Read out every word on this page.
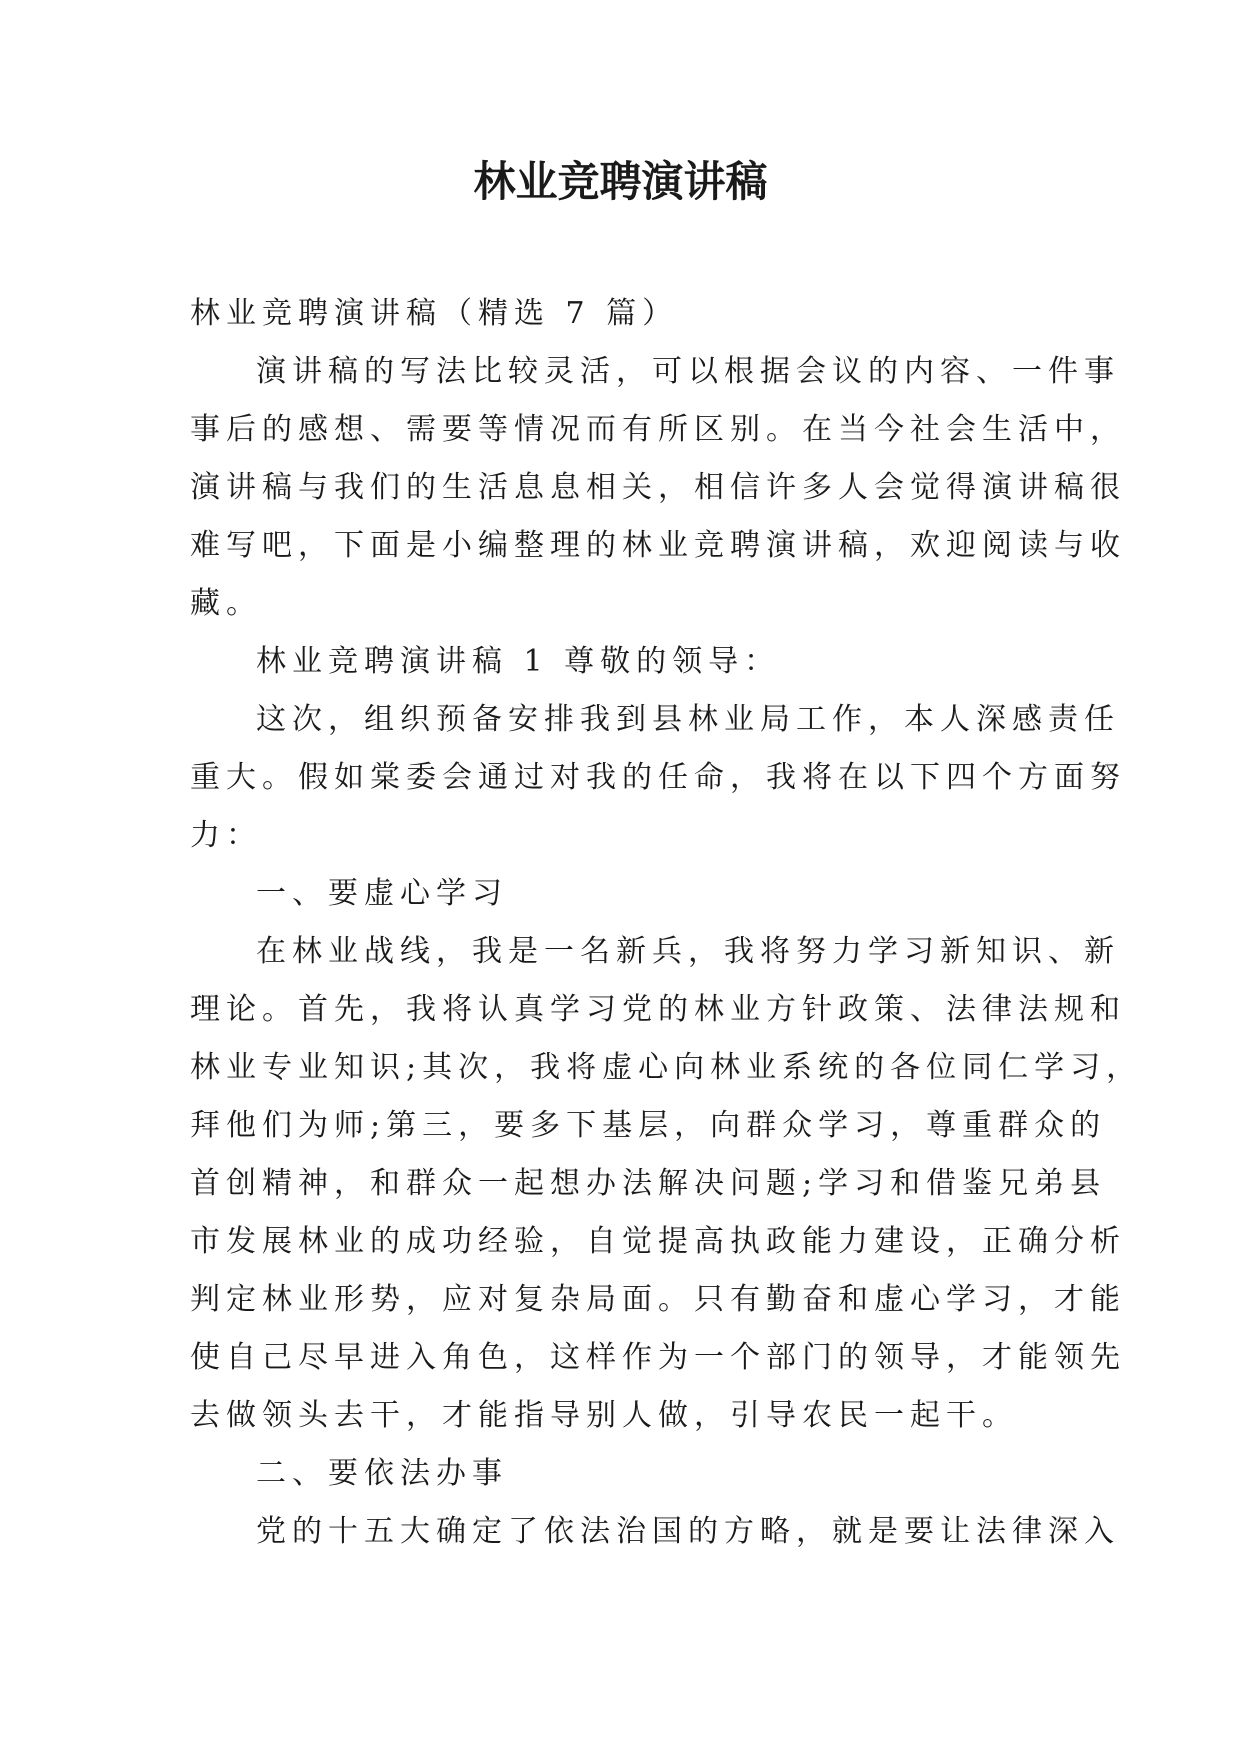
林业竞聘演讲稿

林业竞聘演讲稿（精选 7 篇）

演讲稿的写法比较灵活，可以根据会议的内容、一件事

事后的感想、需要等情况而有所区别。在当今社会生活中，

演讲稿与我们的生活息息相关，相信许多人会觉得演讲稿很

难写吧，下面是小编整理的林业竞聘演讲稿，欢迎阅读与收

藏。

林业竞聘演讲稿 1 尊敬的领导：

这次，组织预备安排我到县林业局工作，本人深感责任

重大。假如棠委会通过对我的任命，我将在以下四个方面努

力：

一、要虚心学习

在林业战线，我是一名新兵，我将努力学习新知识、新

理论。首先，我将认真学习党的林业方针政策、法律法规和

林业专业知识;其次，我将虚心向林业系统的各位同仁学习，

拜他们为师;第三，要多下基层，向群众学习，尊重群众的

首创精神，和群众一起想办法解决问题;学习和借鉴兄弟县

市发展林业的成功经验，自觉提高执政能力建设，正确分析

判定林业形势，应对复杂局面。只有勤奋和虚心学习，才能

使自己尽早进入角色，这样作为一个部门的领导，才能领先

去做领头去干，才能指导别人做，引导农民一起干。

二、要依法办事

党的十五大确定了依法治国的方略，就是要让法律深入
